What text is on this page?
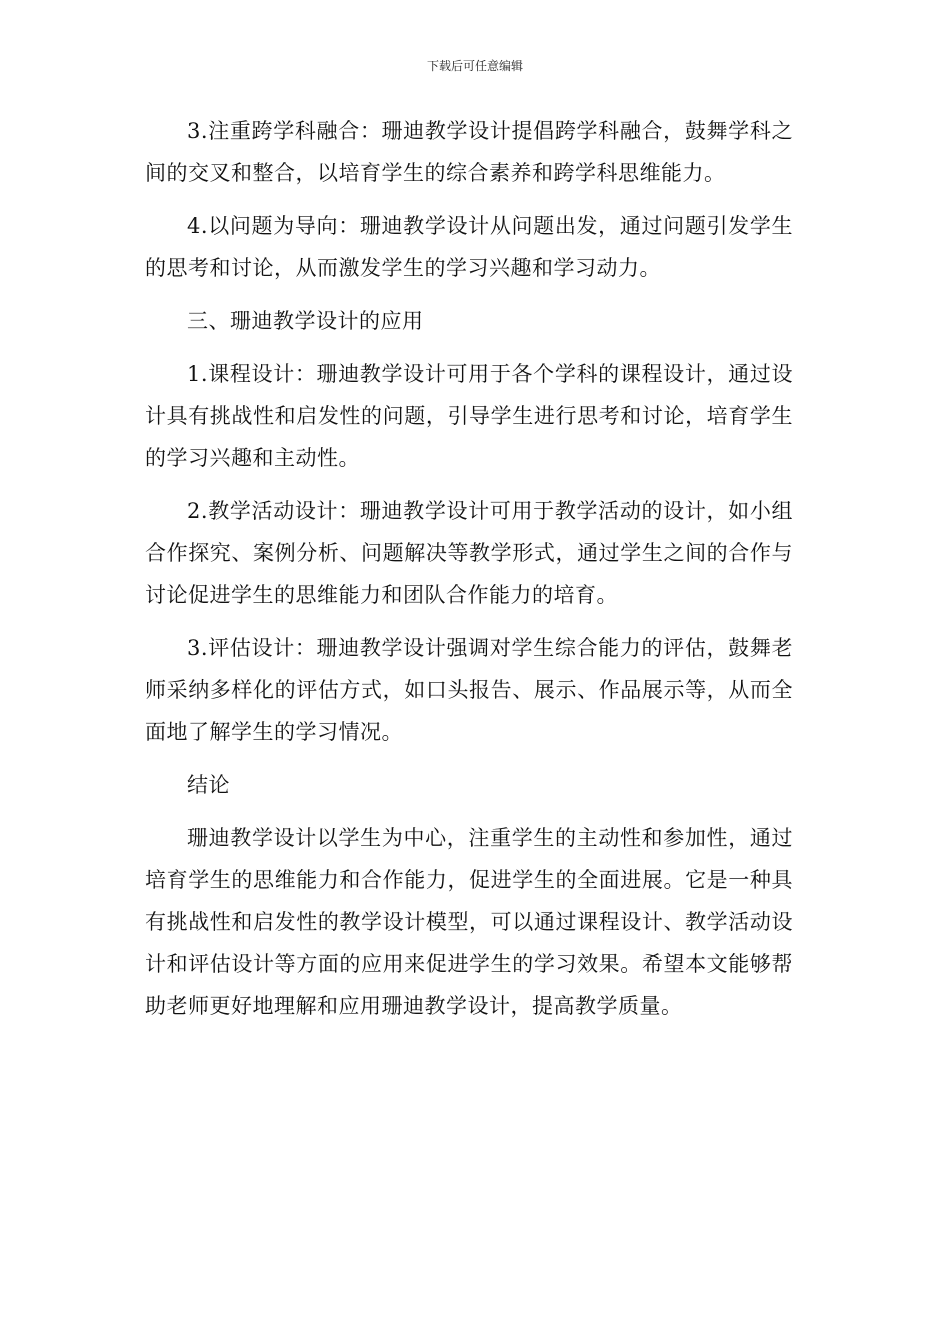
下载后可任意编辑

3.注重跨学科融合：珊迪教学设计提倡跨学科融合，鼓舞学科之间的交叉和整合，以培育学生的综合素养和跨学科思维能力。

4.以问题为导向：珊迪教学设计从问题出发，通过问题引发学生的思考和讨论，从而激发学生的学习兴趣和学习动力。

三、珊迪教学设计的应用

1.课程设计：珊迪教学设计可用于各个学科的课程设计，通过设计具有挑战性和启发性的问题，引导学生进行思考和讨论，培育学生的学习兴趣和主动性。

2.教学活动设计：珊迪教学设计可用于教学活动的设计，如小组合作探究、案例分析、问题解决等教学形式，通过学生之间的合作与讨论促进学生的思维能力和团队合作能力的培育。

3.评估设计：珊迪教学设计强调对学生综合能力的评估，鼓舞老师采纳多样化的评估方式，如口头报告、展示、作品展示等，从而全面地了解学生的学习情况。

结论

珊迪教学设计以学生为中心，注重学生的主动性和参加性，通过培育学生的思维能力和合作能力，促进学生的全面进展。它是一种具有挑战性和启发性的教学设计模型，可以通过课程设计、教学活动设计和评估设计等方面的应用来促进学生的学习效果。希望本文能够帮助老师更好地理解和应用珊迪教学设计，提高教学质量。
